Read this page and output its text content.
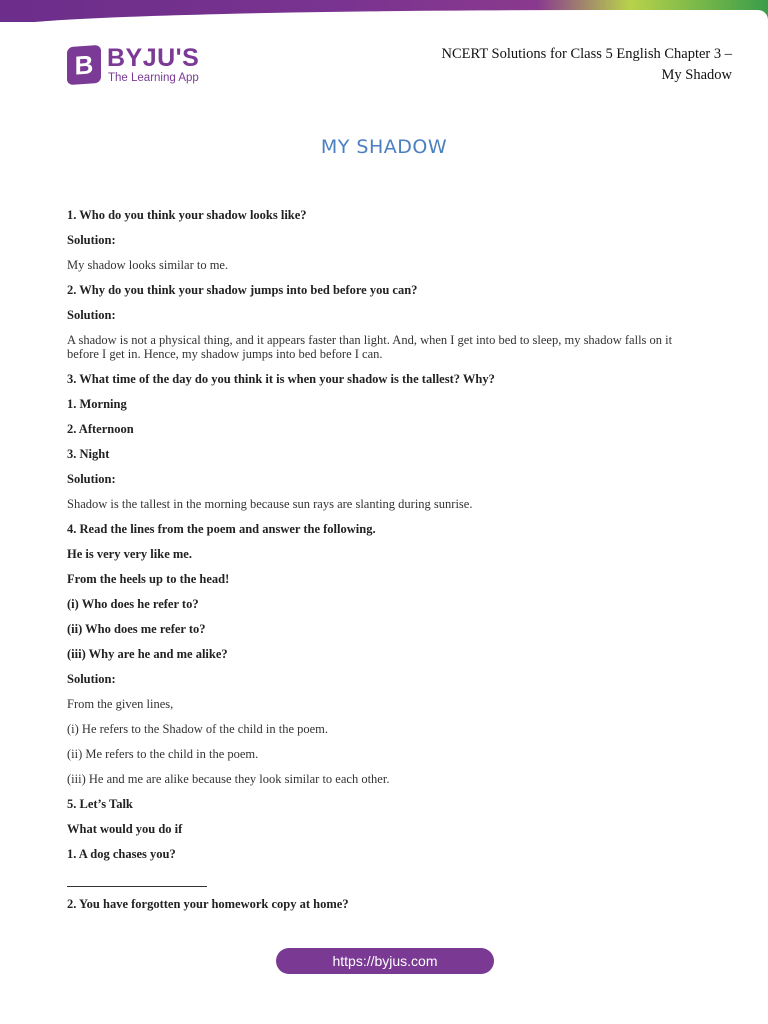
B BYJU'S
The Learning App
NCERT Solutions for Class 5 English Chapter 3 –
My Shadow
MY SHADOW

1. Who do you think your shadow looks like?

Solution:

My shadow looks similar to me.

2. Why do you think your shadow jumps into bed before you can?

Solution:

A shadow is not a physical thing, and it appears faster than light. And, when I get into bed to sleep, my shadow falls on it before I get in. Hence, my shadow jumps into bed before I can.

3. What time of the day do you think it is when your shadow is the tallest? Why?

1. Morning

2. Afternoon

3. Night

Solution:

Shadow is the tallest in the morning because sun rays are slanting during sunrise.

4. Read the lines from the poem and answer the following.

He is very very like me.

From the heels up to the head!

(i) Who does he refer to?

(ii) Who does me refer to?

(iii) Why are he and me alike?

Solution:

From the given lines,

(i) He refers to the Shadow of the child in the poem.

(ii) Me refers to the child in the poem.

(iii) He and me are alike because they look similar to each other.

5. Let’s Talk

What would you do if

1. A dog chases you?

2. You have forgotten your homework copy at home?

https://byjus.com
